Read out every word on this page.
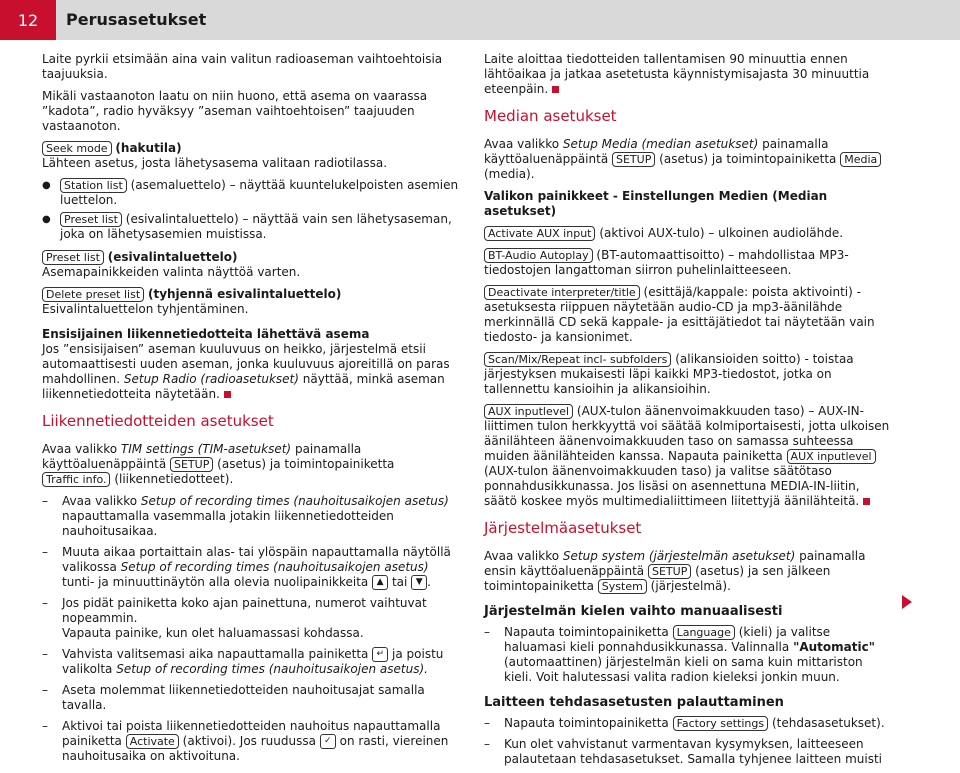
12	Perusasetukset

Laite pyrkii etsimään aina vain valitun radioaseman vaihtoehtoisia taajuuksia.

Mikäli vastaanoton laatu on niin huono, että asema on vaarassa ”kadota”, radio hyväksyy ”aseman vaihtoehtoisen” taajuuden vastaanoton.

Seek mode (hakutila)
Lähteen asetus, josta lähetysasema valitaan radiotilassa.

● Station list (asemaluettelo) – näyttää kuuntelukelpoisten asemien luettelon.
● Preset list (esivalintaluettelo) – näyttää vain sen lähetysaseman, joka on lähetysasemien muistissa.

Preset list (esivalintaluettelo)
Asemapainikkeiden valinta näyttöä varten.

Delete preset list (tyhjennä esivalintaluettelo)
Esivalintaluettelon tyhjentäminen.

Ensisijainen liikennetiedotteita lähettävä asema
Jos ”ensisijaisen” aseman kuuluvuus on heikko, järjestelmä etsii automaattisesti uuden aseman, jonka kuuluvuus ajoreitillä on paras mahdollinen. Setup Radio (radioasetukset) näyttää, minkä aseman liikennetiedotteita näytetään.

Liikennetiedotteiden asetukset

Avaa valikko TIM settings (TIM-asetukset) painamalla käyttöaluenäppäintä SETUP (asetus) ja toimintopainiketta Traffic info. (liikennetiedotteet).

– Avaa valikko Setup of recording times (nauhoitusaikojen asetus) napauttamalla vasemmalla jotakin liikennetiedotteiden nauhoitusaikaa.
– Muuta aikaa portaittain alas- tai ylöspäin napauttamalla näytöllä valikossa Setup of recording times (nauhoitusaikojen asetus) tunti- ja minuuttinäytön alla olevia nuolipainikkeita ▲ tai ▼ .
– Jos pidät painiketta koko ajan painettuna, numerot vaihtuvat nopeammin.
Vapauta painike, kun olet haluamassasi kohdassa.
– Vahvista valitsemasi aika napauttamalla painiketta ↵ ja poistu valikolta Setup of recording times (nauhoitusaikojen asetus).
– Aseta molemmat liikennetiedotteiden nauhoitusajat samalla tavalla.
– Aktivoi tai poista liikennetiedotteiden nauhoitus napauttamalla painiketta Activate (aktivoi). Jos ruudussa ✓ on rasti, viereinen nauhoitusaika on aktivoituna.

Laite aloittaa tiedotteiden tallentamisen 90 minuuttia ennen lähtöaikaa ja jatkaa asetetusta käynnistymisajasta 30 minuuttia eteenpäin.

Median asetukset

Avaa valikko Setup Media (median asetukset) painamalla käyttöaluenäppäintä SETUP (asetus) ja toimintopainiketta Media (media).

Valikon painikkeet - Einstellungen Medien (Median asetukset)

Activate AUX input (aktivoi AUX-tulo) – ulkoinen audiolähde.

BT-Audio Autoplay (BT-automaattisoitto) – mahdollistaa MP3-tiedostojen langattoman siirron puhelinlaitteeseen.

Deactivate interpreter/title (esittäjä/kappale: poista aktivointi) - asetuksesta riippuen näytetään audio-CD ja mp3-äänilähde merkinnällä CD sekä kappale- ja esittäjätiedot tai näytetään vain tiedosto- ja kansionimet.

Scan/Mix/Repeat incl- subfolders (alikansioiden soitto) - toistaa järjestyksen mukaisesti läpi kaikki MP3-tiedostot, jotka on tallennettu kansioihin ja alikansioihin.

AUX inputlevel (AUX-tulon äänenvoimakkuuden taso) – AUX-IN-liittimen tulon herkkyyttä voi säätää kolmiportaisesti, jotta ulkoisen äänilähteen äänenvoimakkuuden taso on samassa suhteessa muiden äänilähteiden kanssa. Napauta painiketta AUX inputlevel (AUX-tulon äänenvoimakkuuden taso) ja valitse säätötaso ponnahdusikkunassa. Jos lisäsi on asennettuna MEDIA-IN-liitin, säätö koskee myös multimedialiittimeen liitettyjä äänilähteitä.

Järjestelmäasetukset

Avaa valikko Setup system (järjestelmän asetukset) painamalla ensin käyttöaluenäppäintä SETUP (asetus) ja sen jälkeen toimintopainiketta System (järjestelmä).

Järjestelmän kielen vaihto manuaalisesti
– Napauta toimintopainiketta Language (kieli) ja valitse haluamasi kieli ponnahdusikkunassa. Valinnalla "Automatic" (automaattinen) järjestelmän kieli on sama kuin mittariston kieli. Voit halutessasi valita radion kieleksi jonkin muun.
Laitteen tehdasasetusten palauttaminen
– Napauta toimintopainiketta Factory settings (tehdasasetukset).
– Kun olet vahvistanut varmentavan kysymyksen, laitteeseen palautetaan tehdasasetukset. Samalla tyhjenee laitteen muisti
